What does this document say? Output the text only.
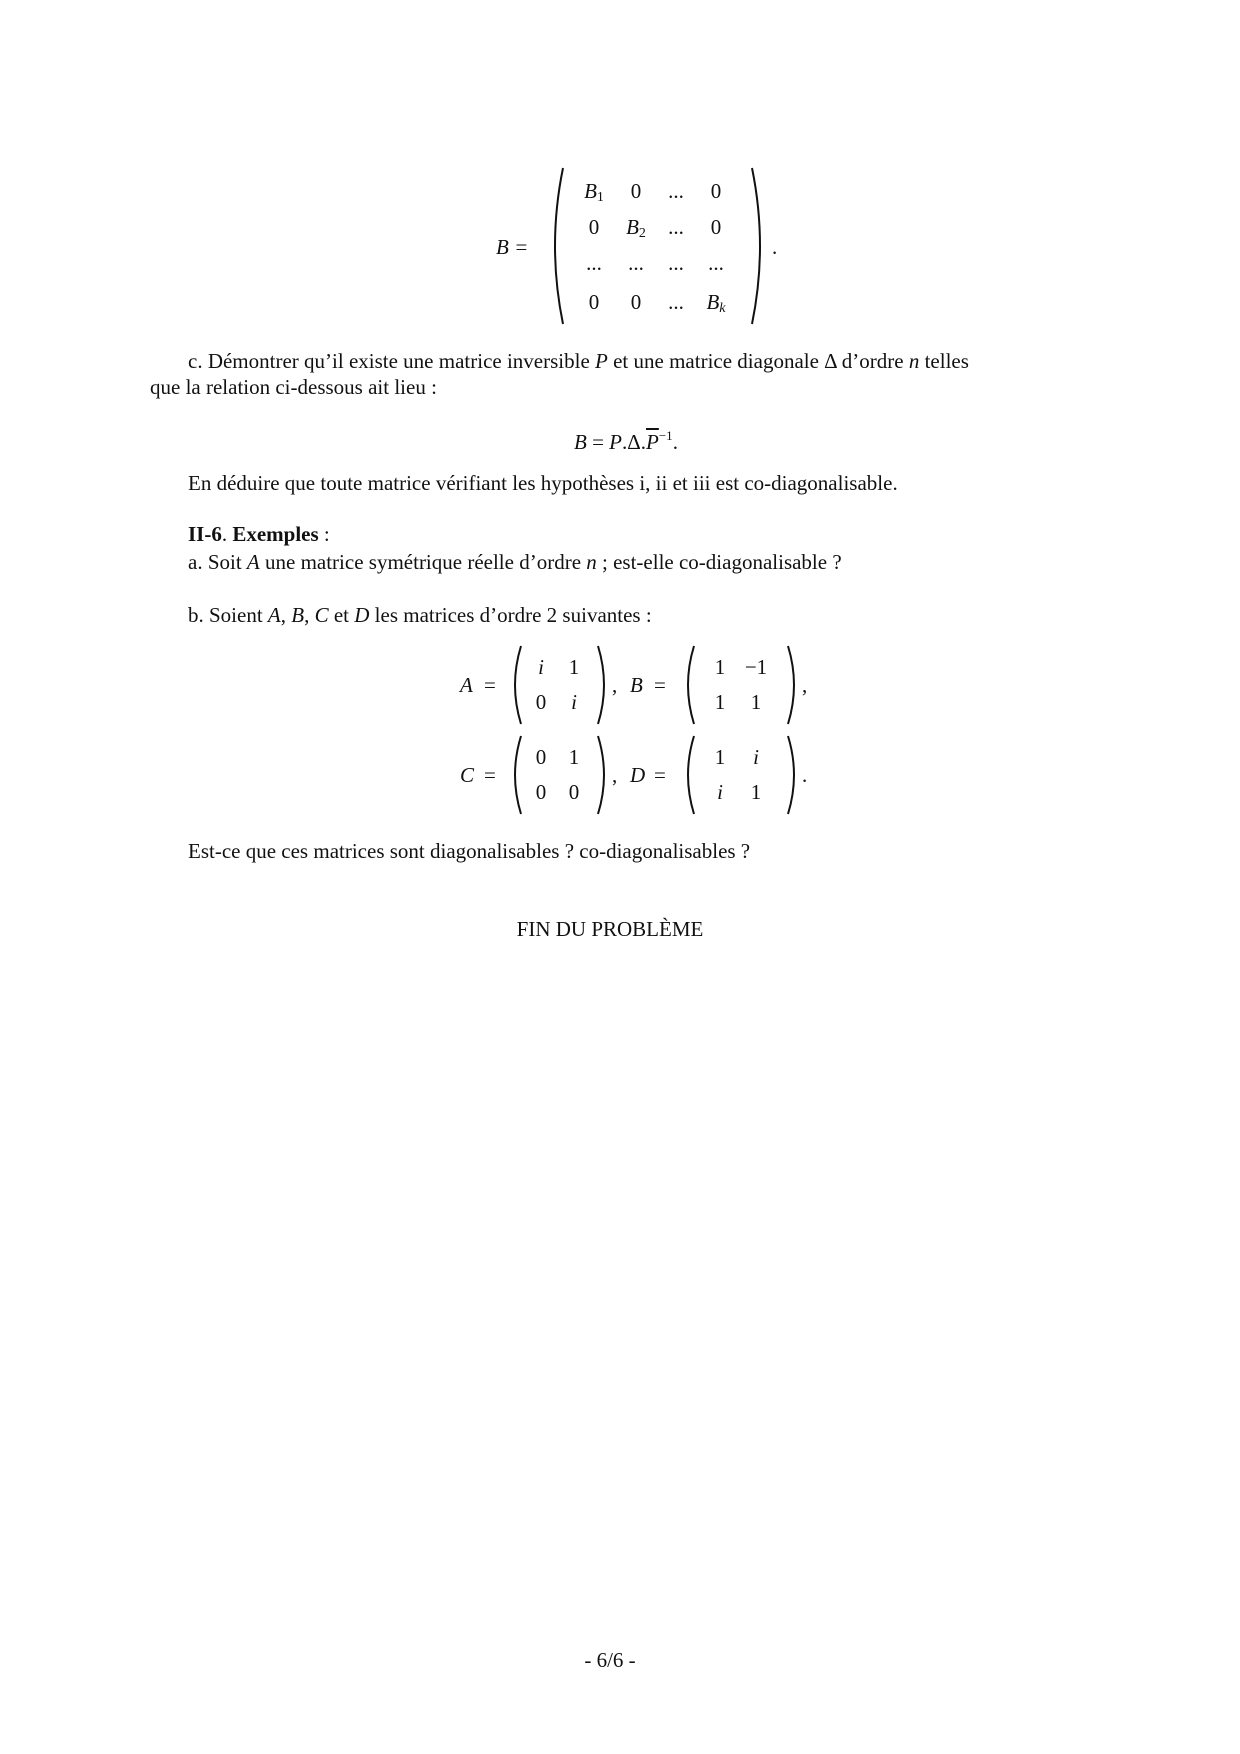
B =
$B_1$	0	...	0
0	$B_2$	...	0
...	...	...	...
0	0	...	$B_k$
.
c. Démontrer qu’il existe une matrice inversible P et une matrice diagonale Δ d’ordre n telles
que la relation ci-dessous ait lieu :
$B = P.\Delta.\overline{P}^{-1}$.
En déduire que toute matrice vérifiant les hypothèses i, ii et iii est co-diagonalisable.
II-6. Exemples :
a. Soit A une matrice symétrique réelle d’ordre n ; est-elle co-diagonalisable ?
b. Soient A, B, C et D les matrices d’ordre 2 suivantes :
A =
i	1
0	i
, B =
1 −1
1	1
,
C =
0	1
0	0
, D =
1	i
i	1
.
Est-ce que ces matrices sont diagonalisables ? co-diagonalisables ?
FIN DU PROBLÈME
- 6/6 -
